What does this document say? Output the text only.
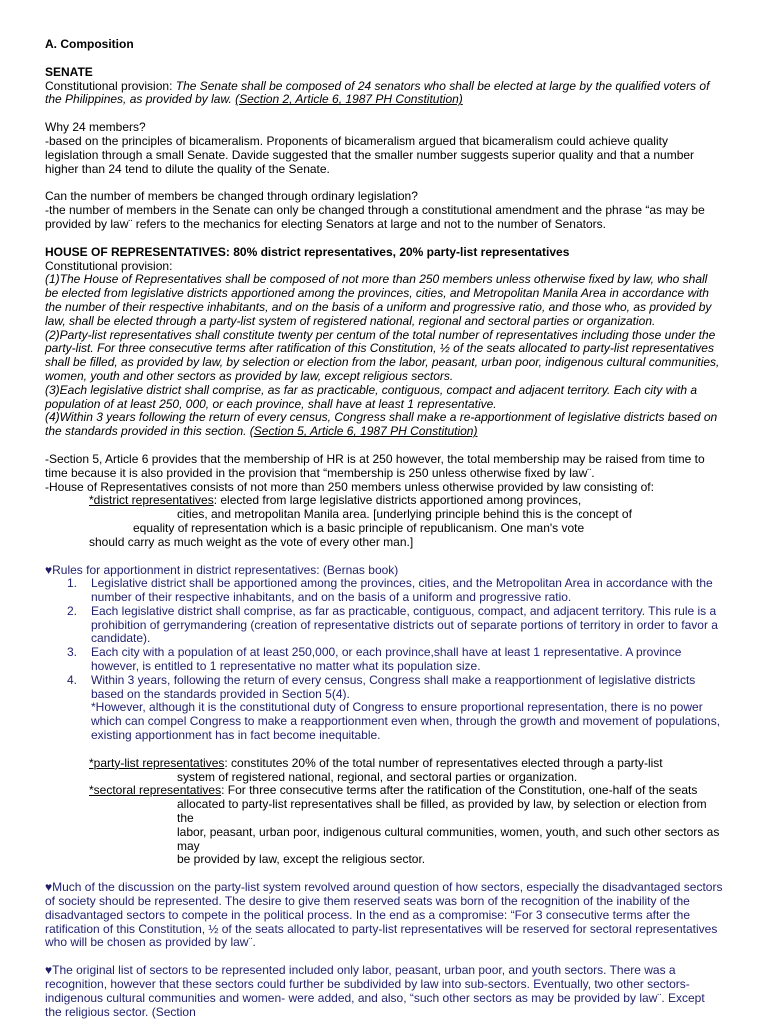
A. Composition

SENATE

Constitutional provision: The Senate shall be composed of 24 senators who shall be elected at large by the qualified voters of the Philippines, as provided by law. (Section 2, Article 6, 1987 PH Constitution)

Why 24 members?

-based on the principles of bicameralism. Proponents of bicameralism argued that bicameralism could achieve quality legislation through a small Senate. Davide suggested that the smaller number suggests superior quality and that a number higher than 24 tend to dilute the quality of the Senate.

Can the number of members be changed through ordinary legislation?

-the number of members in the Senate can only be changed through a constitutional amendment and the phrase “as may be provided by law¨ refers to the mechanics for electing Senators at large and not to the number of Senators.

HOUSE OF REPRESENTATIVES: 80% district representatives, 20% party-list representatives

Constitutional provision:

(1)The House of Representatives shall be composed of not more than 250 members unless otherwise fixed by law, who shall be elected from legislative districts apportioned among the provinces, cities, and Metropolitan Manila Area in accordance with the number of their respective inhabitants, and on the basis of a uniform and progressive ratio, and those who, as provided by law, shall be elected through a party-list system of registered national, regional and sectoral parties or organization.

(2)Party-list representatives shall constitute twenty per centum of the total number of representatives including those under the party-list. For three consecutive terms after ratification of this Constitution, ½ of the seats allocated to party-list representatives shall be filled, as provided by law, by selection or election from the labor, peasant, urban poor, indigenous cultural communities, women, youth and other sectors as provided by law, except religious sectors.

(3)Each legislative district shall comprise, as far as practicable, contiguous, compact and adjacent territory. Each city with a population of at least 250, 000, or each province, shall have at least 1 representative.

(4)Within 3 years following the return of every census, Congress shall make a re-apportionment of legislative districts based on the standards provided in this section. (Section 5, Article 6, 1987 PH Constitution)

-Section 5, Article 6 provides that the membership of HR is at 250 however, the total membership may be raised from time to time because it is also provided in the provision that “membership is 250 unless otherwise fixed by law¨.

-House of Representatives consists of not more than 250 members unless otherwise provided by law consisting of:

*district representatives: elected from large legislative districts apportioned among provinces,

cities, and metropolitan Manila area. [underlying principle behind this is the concept of

equality of representation which is a basic principle of republicanism. One man's vote

should carry as much weight as the vote of every other man.]

♥Rules for apportionment in district representatives: (Bernas book)

1. Legislative district shall be apportioned among the provinces, cities, and the Metropolitan Area in accordance with the number of their respective inhabitants, and on the basis of a uniform and progressive ratio.
2. Each legislative district shall comprise, as far as practicable, contiguous, compact, and adjacent territory. This rule is a prohibition of gerrymandering (creation of representative districts out of separate portions of territory in order to favor a candidate).
3. Each city with a population of at least 250,000, or each province,shall have at least 1 representative. A province however, is entitled to 1 representative no matter what its population size.
4. Within 3 years, following the return of every census, Congress shall make a reapportionment of legislative districts based on the standards provided in Section 5(4).

*However, although it is the constitutional duty of Congress to ensure proportional representation, there is no power which can compel Congress to make a reapportionment even when, through the growth and movement of populations, existing apportionment has in fact become inequitable.

*party-list representatives: constitutes 20% of the total number of representatives elected through a party-list

system of registered national, regional, and sectoral parties or organization.

*sectoral representatives: For three consecutive terms after the ratification of the Constitution, one-half of the seats

allocated to party-list representatives shall be filled, as provided by law, by selection or election from the

labor, peasant, urban poor, indigenous cultural communities, women, youth, and such other sectors as may

be provided by law, except the religious sector.

♥Much of the discussion on the party-list system revolved around question of how sectors, especially the disadvantaged sectors of society should be represented. The desire to give them reserved seats was born of the recognition of the inability of the disadvantaged sectors to compete in the political process. In the end as a compromise: “For 3 consecutive terms after the ratification of this Constitution, ½ of the seats allocated to party-list representatives will be reserved for sectoral representatives who will be chosen as provided by law¨.

♥The original list of sectors to be represented included only labor, peasant, urban poor, and youth sectors. There was a recognition, however that these sectors could further be subdivided by law into sub-sectors. Eventually, two other sectors-indigenous cultural communities and women- were added, and also, “such other sectors as may be provided by law¨. Except the religious sector. (Section
